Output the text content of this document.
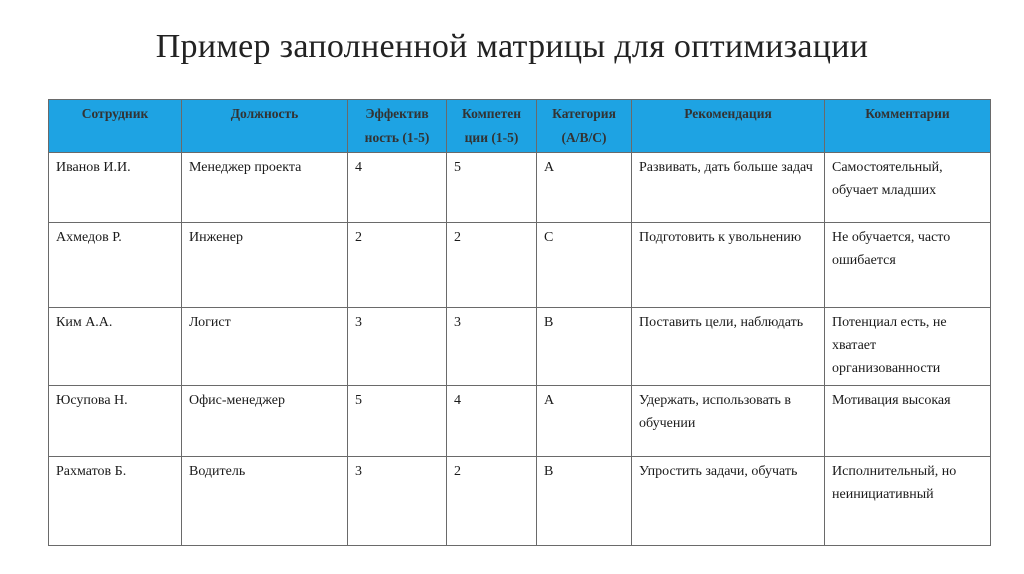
Пример заполненной матрицы для оптимизации
Сотрудник	Должность	Эффектив ность (1-5)	Компетен ции (1-5)	Категория (A/B/C)	Рекомендация	Комментарии
Иванов И.И.	Менеджер проекта	4	5	A	Развивать, дать больше задач	Самостоятельный, обучает младших
Ахмедов Р.	Инженер	2	2	C	Подготовить к увольнению	Не обучается, часто ошибается
Ким А.А.	Логист	3	3	B	Поставить цели, наблюдать	Потенциал есть, не хватает организованности
Юсупова Н.	Офис-менеджер	5	4	A	Удержать, использовать в обучении	Мотивация высокая
Рахматов Б.	Водитель	3	2	B	Упростить задачи, обучать	Исполнительный, но неинициативный
